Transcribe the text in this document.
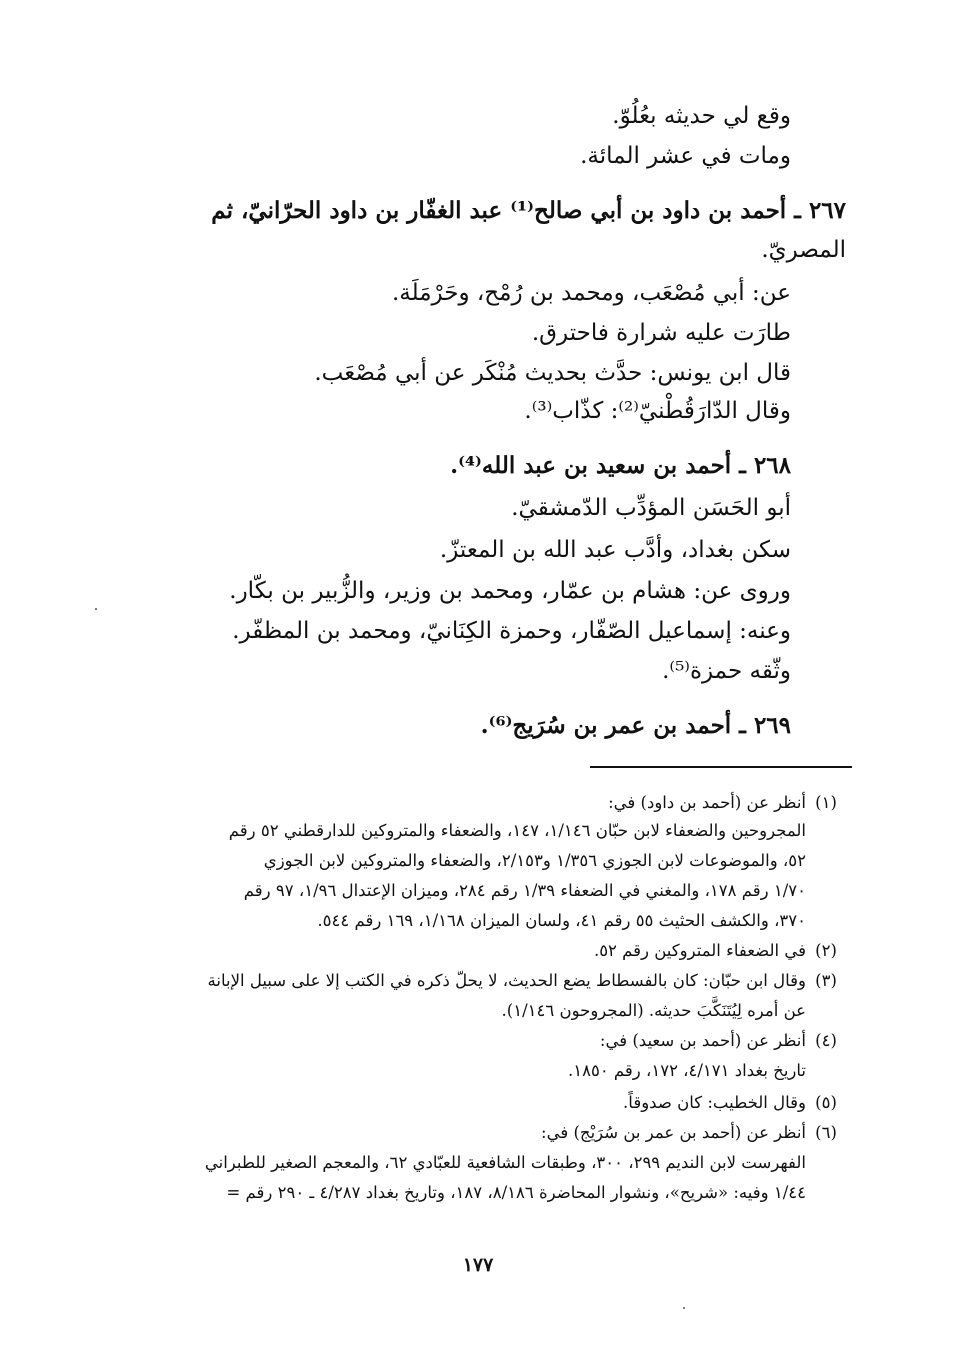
وقع لي حديثه بعُلُوّ.
ومات في عشر المائة.
٢٦٧ ـ أحمد بن داود بن أبي صالح⁽¹⁾ عبد الغفّار بن داود الحرّانيّ، ثم
المصريّ.
عن: أبي مُصْعَب، ومحمد بن رُمْح، وحَرْمَلَة.
طارَت عليه شرارة فاحترق.
قال ابن يونس: حدَّث بحديث مُنْكَر عن أبي مُصْعَب.
وقال الدّارَقُطْنيّ⁽²⁾: كذّاب⁽³⁾.
٢٦٨ ـ أحمد بن سعيد بن عبد الله⁽⁴⁾.
أبو الحَسَن المؤدِّب الدّمشقيّ.
سكن بغداد، وأدَّب عبد الله بن المعتزّ.
وروى عن: هشام بن عمّار، ومحمد بن وزير، والزُّبير بن بكّار.
وعنه: إسماعيل الصّفّار، وحمزة الكِنَانيّ، ومحمد بن المظفّر.
وثّقه حمزة⁽⁵⁾.
٢٦٩ ـ أحمد بن عمر بن سُرَيج⁽⁶⁾.
(١)
أنظر عن (أحمد بن داود) في:
المجروحين والضعفاء لابن حبّان ١/١٤٦، ١٤٧، والضعفاء والمتروكين للدارقطني ٥٢ رقم
٥٢، والموضوعات لابن الجوزي ١/٣٥٦ و٢/١٥٣، والضعفاء والمتروكين لابن الجوزي
١/٧٠ رقم ١٧٨، والمغني في الضعفاء ١/٣٩ رقم ٢٨٤، وميزان الإعتدال ١/٩٦، ٩٧ رقم
٣٧٠، والكشف الحثيث ٥٥ رقم ٤١، ولسان الميزان ١/١٦٨، ١٦٩ رقم ٥٤٤.
(٢)
في الضعفاء المتروكين رقم ٥٢.
(٣)
وقال ابن حبّان: كان بالفسطاط يضع الحديث، لا يحلّ ذكره في الكتب إلا على سبيل الإبانة
عن أمره لِيُتَنَكَّبَ حديثه. (المجروحون ١/١٤٦).
(٤)
أنظر عن (أحمد بن سعيد) في:
تاريخ بغداد ٤/١٧١، ١٧٢، رقم ١٨٥٠.
(٥)
وقال الخطيب: كان صدوقاً.
(٦)
أنظر عن (أحمد بن عمر بن سُرَيْج) في:
الفهرست لابن النديم ٢٩٩، ٣٠٠، وطبقات الشافعية للعبّادي ٦٢، والمعجم الصغير للطبراني
١/٤٤ وفيه: «شريح»، ونشوار المحاضرة ٨/١٨٦، ١٨٧، وتاريخ بغداد ٤/٢٨٧ ـ ٢٩٠ رقم =
١٧٧
